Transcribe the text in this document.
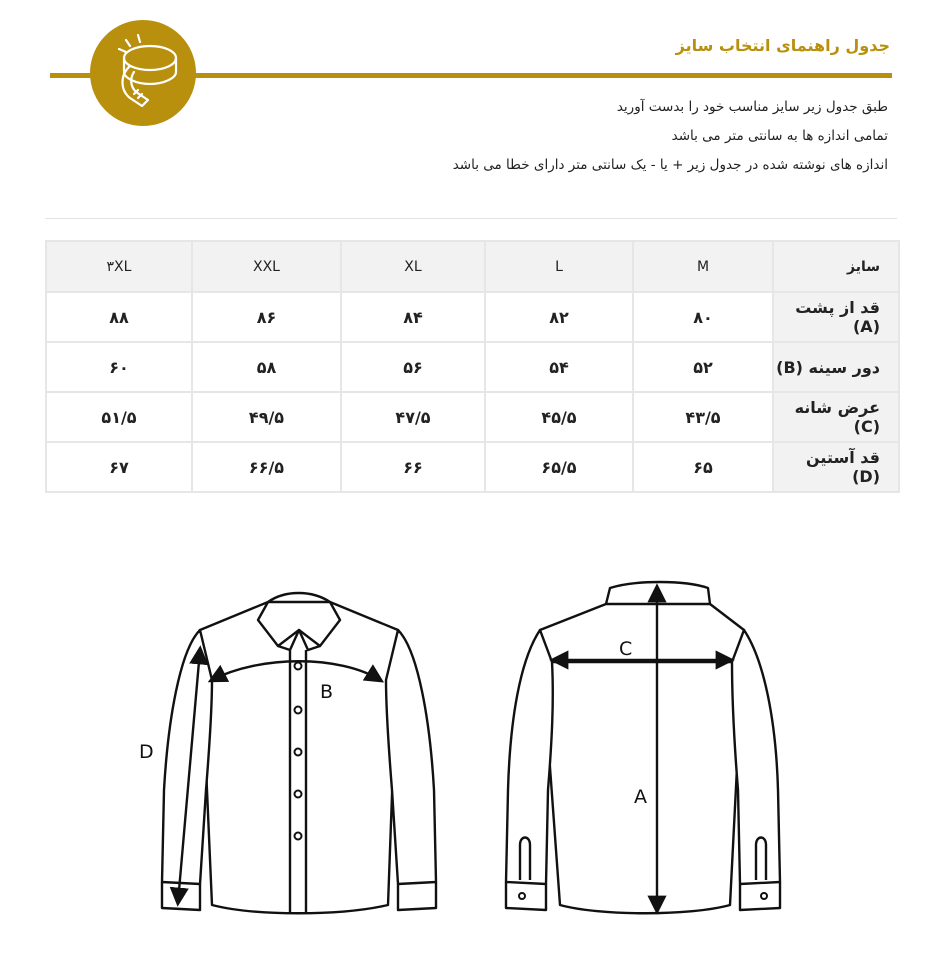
جدول راهنمای انتخاب سایز

طبق جدول زیر سایز مناسب خود را بدست آورید

تمامی اندازه ها به سانتی متر می باشد

اندازه های نوشته شده در جدول زیر + یا - یک سانتی متر دارای خطا می باشد

۳XL	XXL	XL	L	M	سایز
۸۸	۸۶	۸۴	۸۲	۸۰	قد از پشت (A)
۶۰	۵۸	۵۶	۵۴	۵۲	دور سینه (B)
۵۱/۵	۴۹/۵	۴۷/۵	۴۵/۵	۴۳/۵	عرض شانه (C)
۶۷	۶۶/۵	۶۶	۶۵/۵	۶۵	قد آستین (D)
B
D
C
A
